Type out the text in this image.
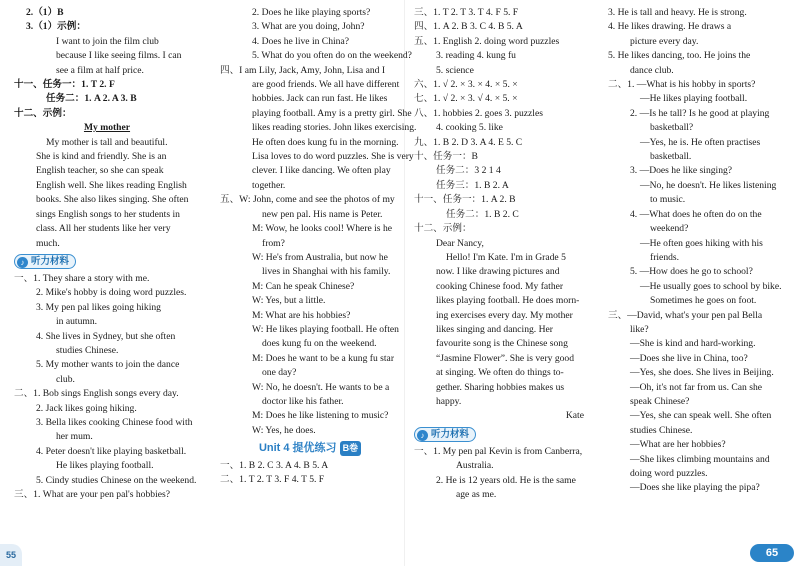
2.（1）B
3.（1）示例：
I want to join the film club
because I like seeing films. I can
see a film at half price.
十一、任务一：1. T 2. F
任务二：1. A 2. A 3. B
十二、示例：
My mother
My mother is tall and beautiful.
She is kind and friendly. She is an
English teacher, so she can speak
English well. She likes reading English
books. She also likes singing. She often
sings English songs to her students in
class. All her students like her very
much.
♪ 听力材料
一、1. They share a story with me.
2. Mike's hobby is doing word puzzles.
3. My pen pal likes going hiking
in autumn.
4. She lives in Sydney, but she often
studies Chinese.
5. My mother wants to join the dance
club.
二、1. Bob sings English songs every day.
2. Jack likes going hiking.
3. Bella likes cooking Chinese food with
her mum.
4. Peter doesn't like playing basketball.
He likes playing football.
5. Cindy studies Chinese on the weekend.
三、1. What are your pen pal's hobbies?
2. Does he like playing sports?
3. What are you doing, John?
4. Does he live in China?
5. What do you often do on the weekend?
四、I am Lily, Jack, Amy, John, Lisa and I
are good friends. We all have different
hobbies. Jack can run fast. He likes
playing football. Amy is a pretty girl. She
likes reading stories. John likes exercising.
He often does kung fu in the morning.
Lisa loves to do word puzzles. She is very
clever. I like dancing. We often play
together.
五、W: John, come and see the photos of my
new pen pal. His name is Peter.
M: Wow, he looks cool! Where is he
from?
W: He's from Australia, but now he
lives in Shanghai with his family.
M: Can he speak Chinese?
W: Yes, but a little.
M: What are his hobbies?
W: He likes playing football. He often
does kung fu on the weekend.
M: Does he want to be a kung fu star
one day?
W: No, he doesn't. He wants to be a
doctor like his father.
M: Does he like listening to music?
W: Yes, he does.
Unit 4 提优练习 B卷
一、1. B 2. C 3. A 4. B 5. A
二、1. T 2. T 3. F 4. T 5. F
三、1. T 2. T 3. T 4. F 5. F
四、1. A 2. B 3. C 4. B 5. A
五、1. English 2. doing word puzzles
3. reading 4. kung fu
5. science
六、1. √ 2. × 3. × 4. × 5. ×
七、1. √ 2. × 3. √ 4. × 5. ×
八、1. hobbies 2. goes 3. puzzles
4. cooking 5. like
九、1. B 2. D 3. A 4. E 5. C
十、任务一：B
任务二：3 2 1 4
任务三：1. B 2. A
十一、任务一：1. A 2. B
任务二：1. B 2. C
十二、示例：
Dear Nancy,
Hello! I'm Kate. I'm in Grade 5
now. I like drawing pictures and
cooking Chinese food. My father
likes playing football. He does morn-
ing exercises every day. My mother
likes singing and dancing. Her
favourite song is the Chinese song
“Jasmine Flower”. She is very good
at singing. We often do things to-
gether. Sharing hobbies makes us
happy.
Kate
♪ 听力材料
一、1. My pen pal Kevin is from Canberra,
Australia.
2. He is 12 years old. He is the same
age as me.
3. He is tall and heavy. He is strong.
4. He likes drawing. He draws a
picture every day.
5. He likes dancing, too. He joins the
dance club.
二、1. —What is his hobby in sports?
—He likes playing football.
2. —Is he tall? Is he good at playing
basketball?
—Yes, he is. He often practises
basketball.
3. —Does he like singing?
—No, he doesn't. He likes listening
to music.
4. —What does he often do on the
weekend?
—He often goes hiking with his
friends.
5. —How does he go to school?
—He usually goes to school by bike.
Sometimes he goes on foot.
三、—David, what's your pen pal Bella
like?
—She is kind and hard-working.
—Does she live in China, too?
—Yes, she does. She lives in Beijing.
—Oh, it's not far from us. Can she
speak Chinese?
—Yes, she can speak well. She often
studies Chinese.
—What are her hobbies?
—She likes climbing mountains and
doing word puzzles.
—Does she like playing the pipa?
55	65
